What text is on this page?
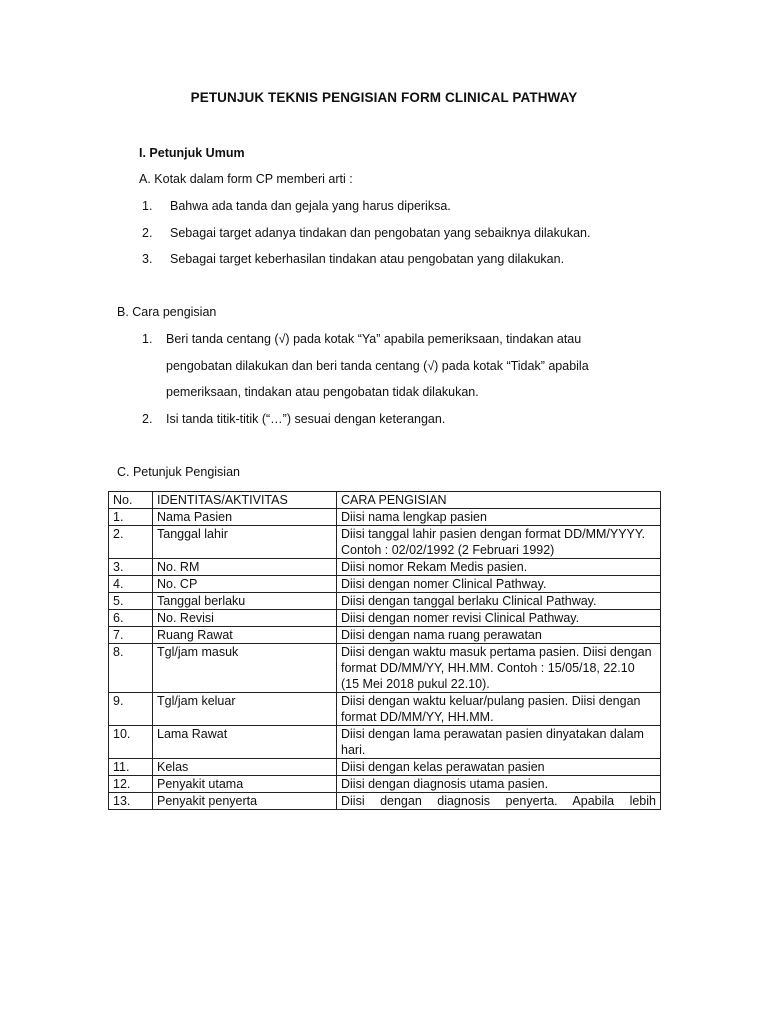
PETUNJUK TEKNIS PENGISIAN FORM CLINICAL PATHWAY
I. Petunjuk Umum
A. Kotak dalam form CP memberi arti :
1. Bahwa ada tanda dan gejala yang harus diperiksa.
2. Sebagai target adanya tindakan dan pengobatan yang sebaiknya dilakukan.
3. Sebagai target keberhasilan tindakan atau pengobatan yang dilakukan.
B. Cara pengisian
1. Beri tanda centang (√) pada kotak “Ya” apabila pemeriksaan, tindakan atau
pengobatan dilakukan dan beri tanda centang (√) pada kotak “Tidak” apabila
pemeriksaan, tindakan atau pengobatan tidak dilakukan.
2. Isi tanda titik-titik (“…”) sesuai dengan keterangan.
C. Petunjuk Pengisian
No.	IDENTITAS/AKTIVITAS	CARA PENGISIAN
1.	Nama Pasien	Diisi nama lengkap pasien
2.	Tanggal lahir	Diisi tanggal lahir pasien dengan format DD/MM/YYYY. Contoh : 02/02/1992 (2 Februari 1992)
3.	No. RM	Diisi nomor Rekam Medis pasien.
4.	No. CP	Diisi dengan nomer Clinical Pathway.
5.	Tanggal berlaku	Diisi dengan tanggal berlaku Clinical Pathway.
6.	No. Revisi	Diisi dengan nomer revisi Clinical Pathway.
7.	Ruang Rawat	Diisi dengan nama ruang perawatan
8.	Tgl/jam masuk	Diisi dengan waktu masuk pertama pasien. Diisi dengan format DD/MM/YY, HH.MM. Contoh : 15/05/18, 22.10 (15 Mei 2018 pukul 22.10).
9.	Tgl/jam keluar	Diisi dengan waktu keluar/pulang pasien. Diisi dengan format DD/MM/YY, HH.MM.
10.	Lama Rawat	Diisi dengan lama perawatan pasien dinyatakan dalam hari.
11.	Kelas	Diisi dengan kelas perawatan pasien
12.	Penyakit utama	Diisi dengan diagnosis utama pasien.
13.	Penyakit penyerta	Diisi dengan diagnosis penyerta. Apabila lebih
